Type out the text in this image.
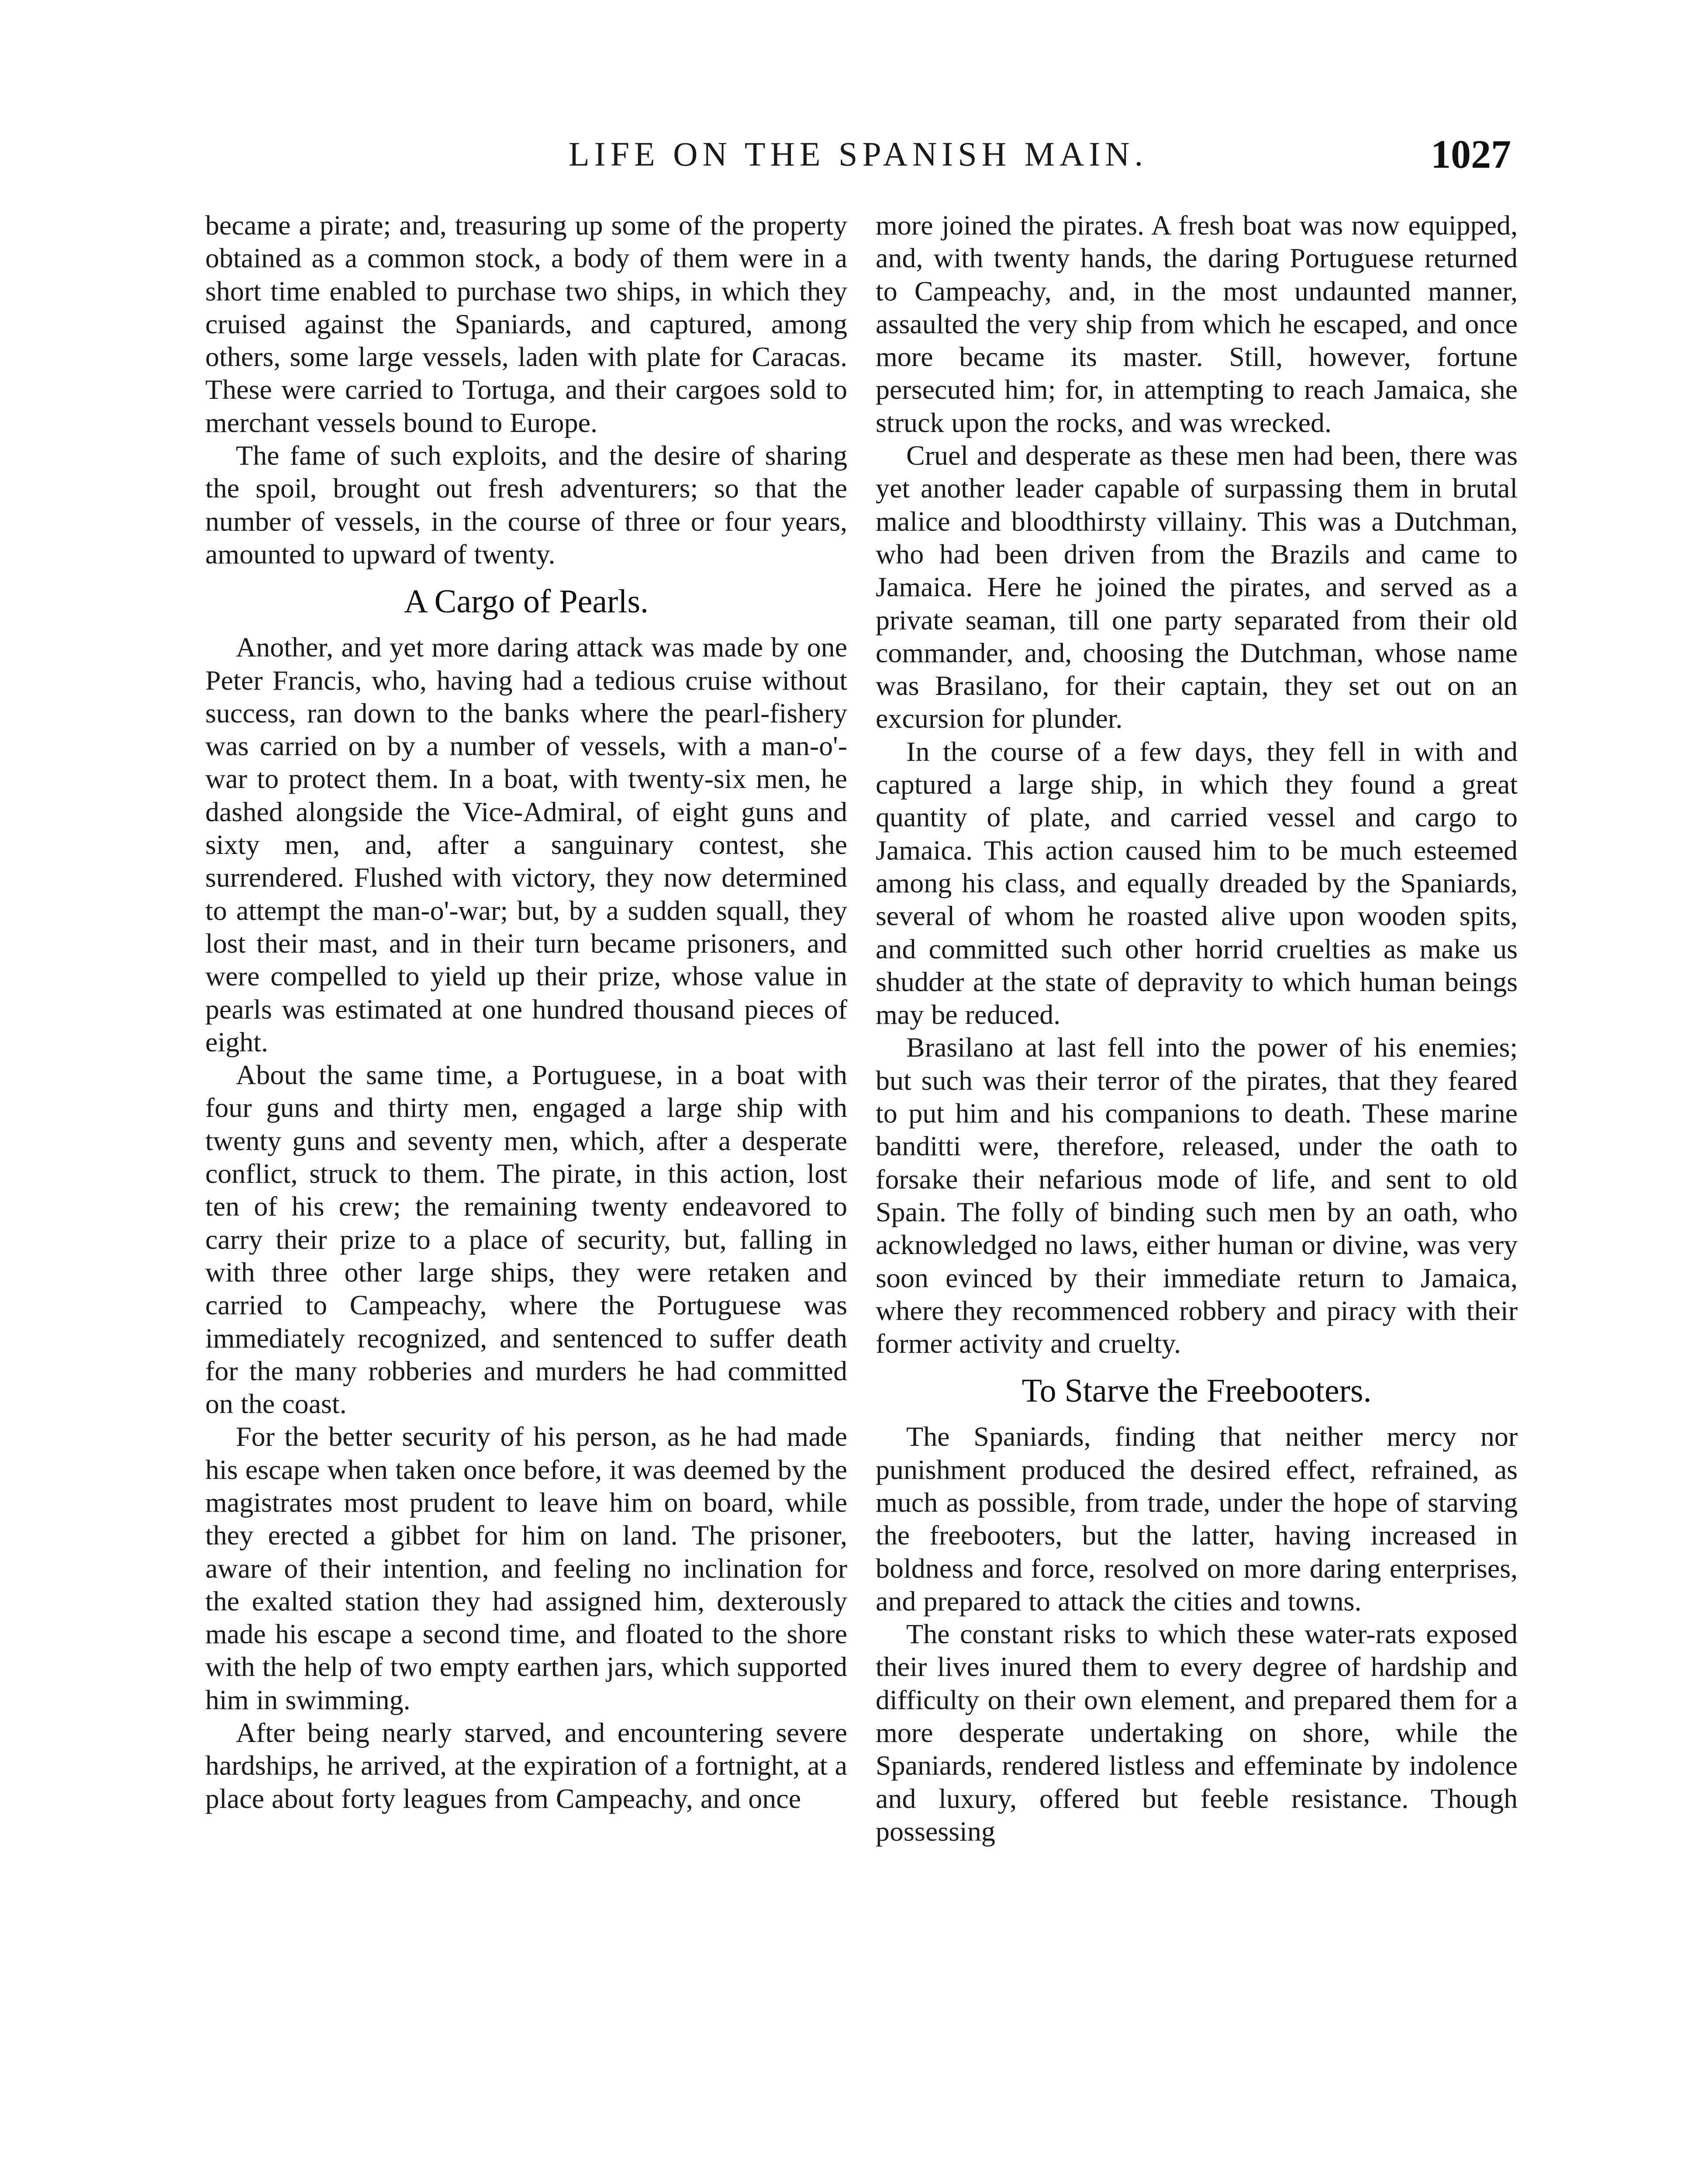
LIFE ON THE SPANISH MAIN.	1027

became a pirate; and, treasuring up some of the property obtained as a common stock, a body of them were in a short time enabled to purchase two ships, in which they cruised against the Spaniards, and captured, among others, some large vessels, laden with plate for Caracas. These were carried to Tortuga, and their cargoes sold to merchant vessels bound to Europe.

The fame of such exploits, and the desire of sharing the spoil, brought out fresh adventurers; so that the number of vessels, in the course of three or four years, amounted to upward of twenty.

A Cargo of Pearls.

Another, and yet more daring attack was made by one Peter Francis, who, having had a tedious cruise without success, ran down to the banks where the pearl-fishery was carried on by a number of vessels, with a man-o'-war to protect them. In a boat, with twenty-six men, he dashed alongside the Vice-Admiral, of eight guns and sixty men, and, after a sanguinary contest, she surrendered. Flushed with victory, they now determined to attempt the man-o'-war; but, by a sudden squall, they lost their mast, and in their turn became prisoners, and were compelled to yield up their prize, whose value in pearls was estimated at one hundred thousand pieces of eight.

About the same time, a Portuguese, in a boat with four guns and thirty men, engaged a large ship with twenty guns and seventy men, which, after a desperate conflict, struck to them. The pirate, in this action, lost ten of his crew; the remaining twenty endeavored to carry their prize to a place of security, but, falling in with three other large ships, they were retaken and carried to Campeachy, where the Portuguese was immediately recognized, and sentenced to suffer death for the many robberies and murders he had committed on the coast.

For the better security of his person, as he had made his escape when taken once before, it was deemed by the magistrates most prudent to leave him on board, while they erected a gibbet for him on land. The prisoner, aware of their intention, and feeling no inclination for the exalted station they had assigned him, dexterously made his escape a second time, and floated to the shore with the help of two empty earthen jars, which supported him in swimming.

After being nearly starved, and encountering severe hardships, he arrived, at the expiration of a fortnight, at a place about forty leagues from Campeachy, and once

more joined the pirates. A fresh boat was now equipped, and, with twenty hands, the daring Portuguese returned to Campeachy, and, in the most undaunted manner, assaulted the very ship from which he escaped, and once more became its master. Still, however, fortune persecuted him; for, in attempting to reach Jamaica, she struck upon the rocks, and was wrecked.

Cruel and desperate as these men had been, there was yet another leader capable of surpassing them in brutal malice and bloodthirsty villainy. This was a Dutchman, who had been driven from the Brazils and came to Jamaica. Here he joined the pirates, and served as a private seaman, till one party separated from their old commander, and, choosing the Dutchman, whose name was Brasilano, for their captain, they set out on an excursion for plunder.

In the course of a few days, they fell in with and captured a large ship, in which they found a great quantity of plate, and carried vessel and cargo to Jamaica. This action caused him to be much esteemed among his class, and equally dreaded by the Spaniards, several of whom he roasted alive upon wooden spits, and committed such other horrid cruelties as make us shudder at the state of depravity to which human beings may be reduced.

Brasilano at last fell into the power of his enemies; but such was their terror of the pirates, that they feared to put him and his companions to death. These marine banditti were, therefore, released, under the oath to forsake their nefarious mode of life, and sent to old Spain. The folly of binding such men by an oath, who acknowledged no laws, either human or divine, was very soon evinced by their immediate return to Jamaica, where they recommenced robbery and piracy with their former activity and cruelty.

To Starve the Freebooters.

The Spaniards, finding that neither mercy nor punishment produced the desired effect, refrained, as much as possible, from trade, under the hope of starving the freebooters, but the latter, having increased in boldness and force, resolved on more daring enterprises, and prepared to attack the cities and towns.

The constant risks to which these water-rats exposed their lives inured them to every degree of hardship and difficulty on their own element, and prepared them for a more desperate undertaking on shore, while the Spaniards, rendered listless and effeminate by indolence and luxury, offered but feeble resistance. Though possessing
